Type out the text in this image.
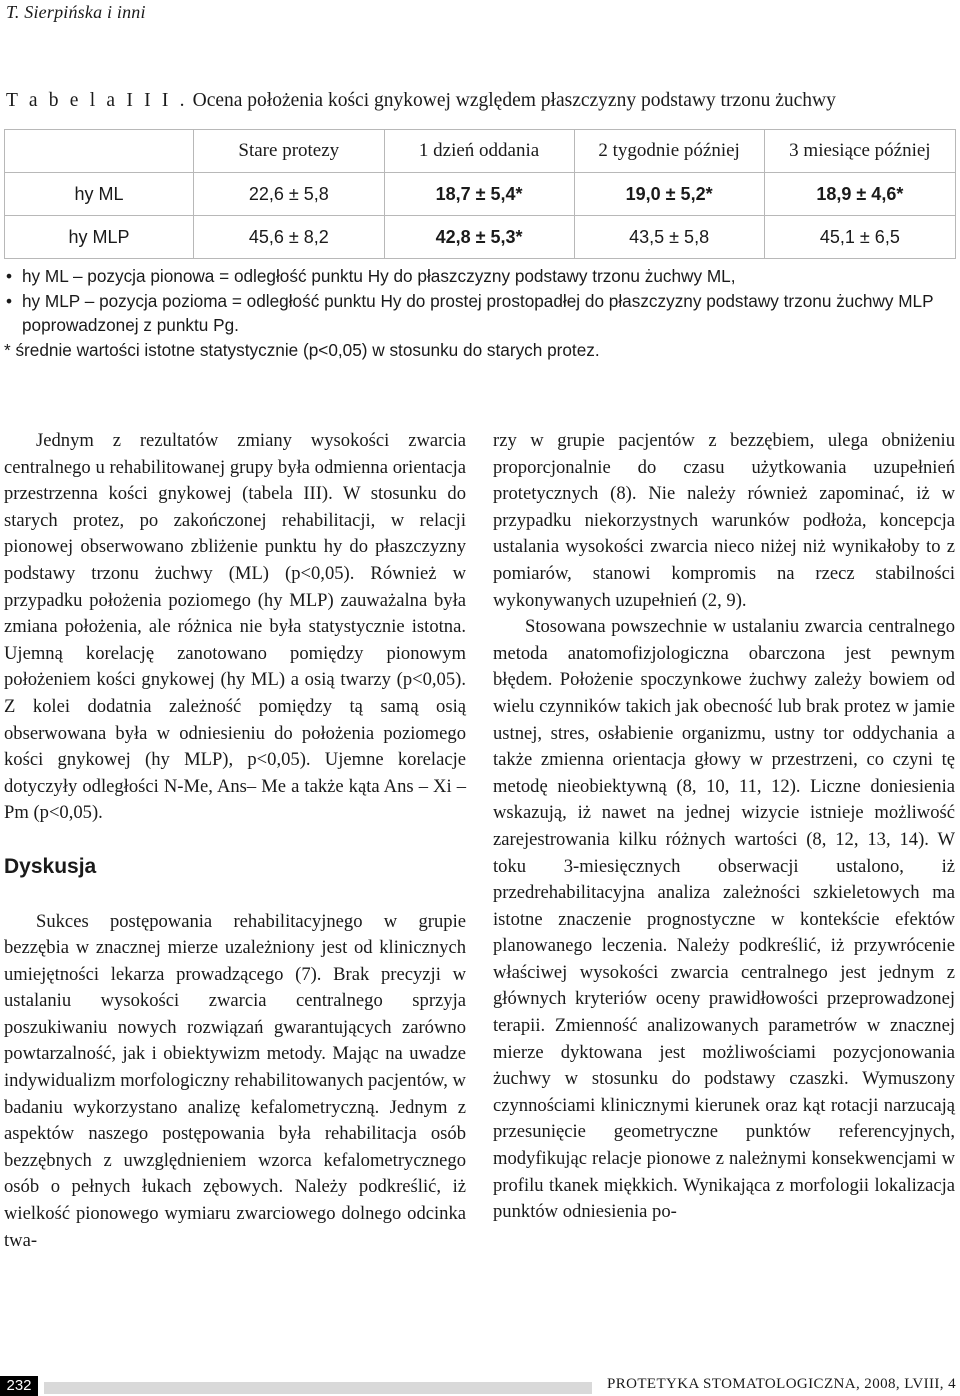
T. Sierpińska i inni
T a b e l a I I I . Ocena położenia kości gnykowej względem płaszczyzny podstawy trzonu żuchwy
	Stare protezy	1 dzień oddania	2 tygodnie później	3 miesiące później
hy ML	22,6 ± 5,8	18,7 ± 5,4*	19,0 ± 5,2*	18,9 ± 4,6*
hy MLP	45,6 ± 8,2	42,8 ± 5,3*	43,5 ± 5,8	45,1 ± 6,5
• hy ML – pozycja pionowa = odległość punktu Hy do płaszczyzny podstawy trzonu żuchwy ML,
• hy MLP – pozycja pozioma = odległość punktu Hy do prostej prostopadłej do płaszczyzny podstawy trzonu żuchwy MLP poprowadzonej z punktu Pg.
* średnie wartości istotne statystycznie (p<0,05) w stosunku do starych protez.

Jednym z rezultatów zmiany wysokości zwarcia centralnego u rehabilitowanej grupy była odmienna orientacja przestrzenna kości gnykowej (tabela III). W stosunku do starych protez, po zakończonej rehabilitacji, w relacji pionowej obserwowano zbliżenie punktu hy do płaszczyzny podstawy trzonu żuchwy (ML) (p<0,05). Również w przypadku położenia poziomego (hy MLP) zauważalna była zmiana położenia, ale różnica nie była statystycznie istotna. Ujemną korelację zanotowano pomiędzy pionowym położeniem kości gnykowej (hy ML) a osią twarzy (p<0,05). Z kolei dodatnia zależność pomiędzy tą samą osią obserwowana była w odniesieniu do położenia poziomego kości gnykowej (hy MLP), p<0,05). Ujemne korelacje dotyczyły odległości N-Me, Ans– Me a także kąta Ans – Xi – Pm (p<0,05).

Dyskusja

Sukces postępowania rehabilitacyjnego w grupie bezzębia w znacznej mierze uzależniony jest od klinicznych umiejętności lekarza prowadzącego (7). Brak precyzji w ustalaniu wysokości zwarcia centralnego sprzyja poszukiwaniu nowych rozwiązań gwarantujących zarówno powtarzalność, jak i obiektywizm metody. Mając na uwadze indywidualizm morfologiczny rehabilitowanych pacjentów, w badaniu wykorzystano analizę kefalometryczną. Jednym z aspektów naszego postępowania była rehabilitacja osób bezzębnych z uwzględnieniem wzorca kefalometrycznego osób o pełnych łukach zębowych. Należy podkreślić, iż wielkość pionowego wymiaru zwarciowego dolnego odcinka twa-

rzy w grupie pacjentów z bezzębiem, ulega obniżeniu proporcjonalnie do czasu użytkowania uzupełnień protetycznych (8). Nie należy również zapominać, iż w przypadku niekorzystnych warunków podłoża, koncepcja ustalania wysokości zwarcia nieco niżej niż wynikałoby to z pomiarów, stanowi kompromis na rzecz stabilności wykonywanych uzupełnień (2, 9).

Stosowana powszechnie w ustalaniu zwarcia centralnego metoda anatomofizjologiczna obarczona jest pewnym błędem. Położenie spoczynkowe żuchwy zależy bowiem od wielu czynników takich jak obecność lub brak protez w jamie ustnej, stres, osłabienie organizmu, ustny tor oddychania a także zmienna orientacja głowy w przestrzeni, co czyni tę metodę nieobiektywną (8, 10, 11, 12). Liczne doniesienia wskazują, iż nawet na jednej wizycie istnieje możliwość zarejestrowania kilku różnych wartości (8, 12, 13, 14). W toku 3-miesięcznych obserwacji ustalono, iż przedrehabilitacyjna analiza zależności szkieletowych ma istotne znaczenie prognostyczne w kontekście efektów planowanego leczenia. Należy podkreślić, iż przywrócenie właściwej wysokości zwarcia centralnego jest jednym z głównych kryteriów oceny prawidłowości przeprowadzonej terapii. Zmienność analizowanych parametrów w znacznej mierze dyktowana jest możliwościami pozycjonowania żuchwy w stosunku do podstawy czaszki. Wymuszony czynnościami klinicznymi kierunek oraz kąt rotacji narzucają przesunięcie geometryczne punktów referencyjnych, modyfikując relacje pionowe z należnymi konsekwencjami w profilu tkanek miękkich. Wynikająca z morfologii lokalizacja punktów odniesienia po-

232	PROTETYKA STOMATOLOGICZNA, 2008, LVIII, 4
